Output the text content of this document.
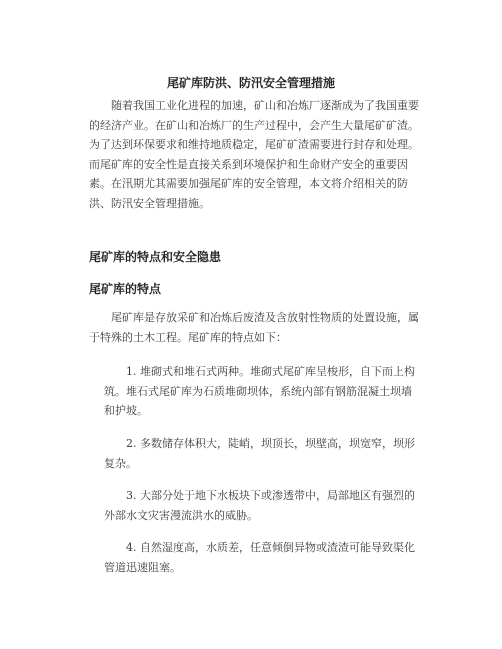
尾矿库防洪、防汛安全管理措施

随着我国工业化进程的加速，矿山和冶炼厂逐渐成为了我国重要的经济产业。在矿山和冶炼厂的生产过程中，会产生大量尾矿矿渣。为了达到环保要求和维持地质稳定，尾矿矿渣需要进行封存和处理。而尾矿库的安全性是直接关系到环境保护和生命财产安全的重要因素。在汛期尤其需要加强尾矿库的安全管理，本文将介绍相关的防洪、防汛安全管理措施。

尾矿库的特点和安全隐患
尾矿库的特点

尾矿库是存放采矿和冶炼后废渣及含放射性物质的处置设施，属于特殊的土木工程。尾矿库的特点如下：

1. 堆砌式和堆石式两种。堆砌式尾矿库呈梭形，自下而上构筑。堆石式尾矿库为石质堆砌坝体，系统内部有钢筋混凝土坝墙和护坡。

2. 多数储存体积大，陡峭，坝顶长，坝壁高，坝宽窄，坝形复杂。

3. 大部分处于地下水板块下或渗透带中，局部地区有强烈的外部水文灾害漫流洪水的威胁。

4. 自然湿度高，水质差，任意倾倒异物或渣渣可能导致渠化管道迅速阻塞。
